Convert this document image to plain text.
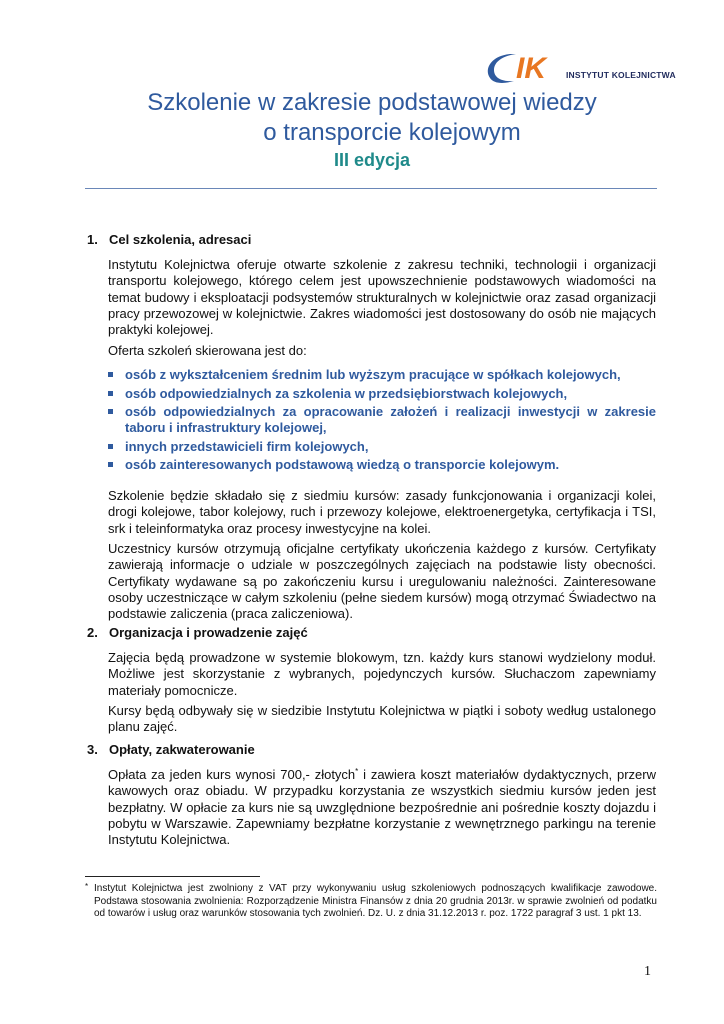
IK INSTYTUT KOLEJNICTWA
Szkolenie w zakresie podstawowej wiedzy
o transporcie kolejowym
III edycja
1. Cel szkolenia, adresaci
Instytutu Kolejnictwa oferuje otwarte szkolenie z zakresu techniki, technologii i organizacji transportu kolejowego, którego celem jest upowszechnienie podstawowych wiadomości na temat budowy i eksploatacji podsystemów strukturalnych w kolejnictwie oraz zasad organizacji pracy przewozowej w kolejnictwie. Zakres wiadomości jest dostosowany do osób nie mających praktyki kolejowej.
Oferta szkoleń skierowana jest do:
osób z wykształceniem średnim lub wyższym pracujące w spółkach kolejowych,
osób odpowiedzialnych za szkolenia w przedsiębiorstwach kolejowych,
osób odpowiedzialnych za opracowanie założeń i realizacji inwestycji w zakresie taboru i infrastruktury kolejowej,
innych przedstawicieli firm kolejowych,
osób zainteresowanych podstawową wiedzą o transporcie kolejowym.
Szkolenie będzie składało się z siedmiu kursów: zasady funkcjonowania i organizacji kolei, drogi kolejowe, tabor kolejowy, ruch i przewozy kolejowe, elektroenergetyka, certyfikacja i TSI, srk i teleinformatyka oraz procesy inwestycyjne na kolei.
Uczestnicy kursów otrzymują oficjalne certyfikaty ukończenia każdego z kursów. Certyfikaty zawierają informacje o udziale w poszczególnych zajęciach na podstawie listy obecności. Certyfikaty wydawane są po zakończeniu kursu i uregulowaniu należności. Zainteresowane osoby uczestniczące w całym szkoleniu (pełne siedem kursów) mogą otrzymać Świadectwo na podstawie zaliczenia (praca zaliczeniowa).
2. Organizacja i prowadzenie zajęć
Zajęcia będą prowadzone w systemie blokowym, tzn. każdy kurs stanowi wydzielony moduł. Możliwe jest skorzystanie z wybranych, pojedynczych kursów. Słuchaczom zapewniamy materiały pomocnicze.
Kursy będą odbywały się w siedzibie Instytutu Kolejnictwa w piątki i soboty według ustalonego planu zajęć.
3. Opłaty, zakwaterowanie
Opłata za jeden kurs wynosi 700,- złotych* i zawiera koszt materiałów dydaktycznych, przerw kawowych oraz obiadu. W przypadku korzystania ze wszystkich siedmiu kursów jeden jest bezpłatny. W opłacie za kurs nie są uwzględnione bezpośrednie ani pośrednie koszty dojazdu i pobytu w Warszawie. Zapewniamy bezpłatne korzystanie z wewnętrznego parkingu na terenie Instytutu Kolejnictwa.
* Instytut Kolejnictwa jest zwolniony z VAT przy wykonywaniu usług szkoleniowych podnoszących kwalifikacje zawodowe. Podstawa stosowania zwolnienia: Rozporządzenie Ministra Finansów z dnia 20 grudnia 2013r. w sprawie zwolnień od podatku od towarów i usług oraz warunków stosowania tych zwolnień. Dz. U. z dnia 31.12.2013 r. poz. 1722 paragraf 3 ust. 1 pkt 13.
1
